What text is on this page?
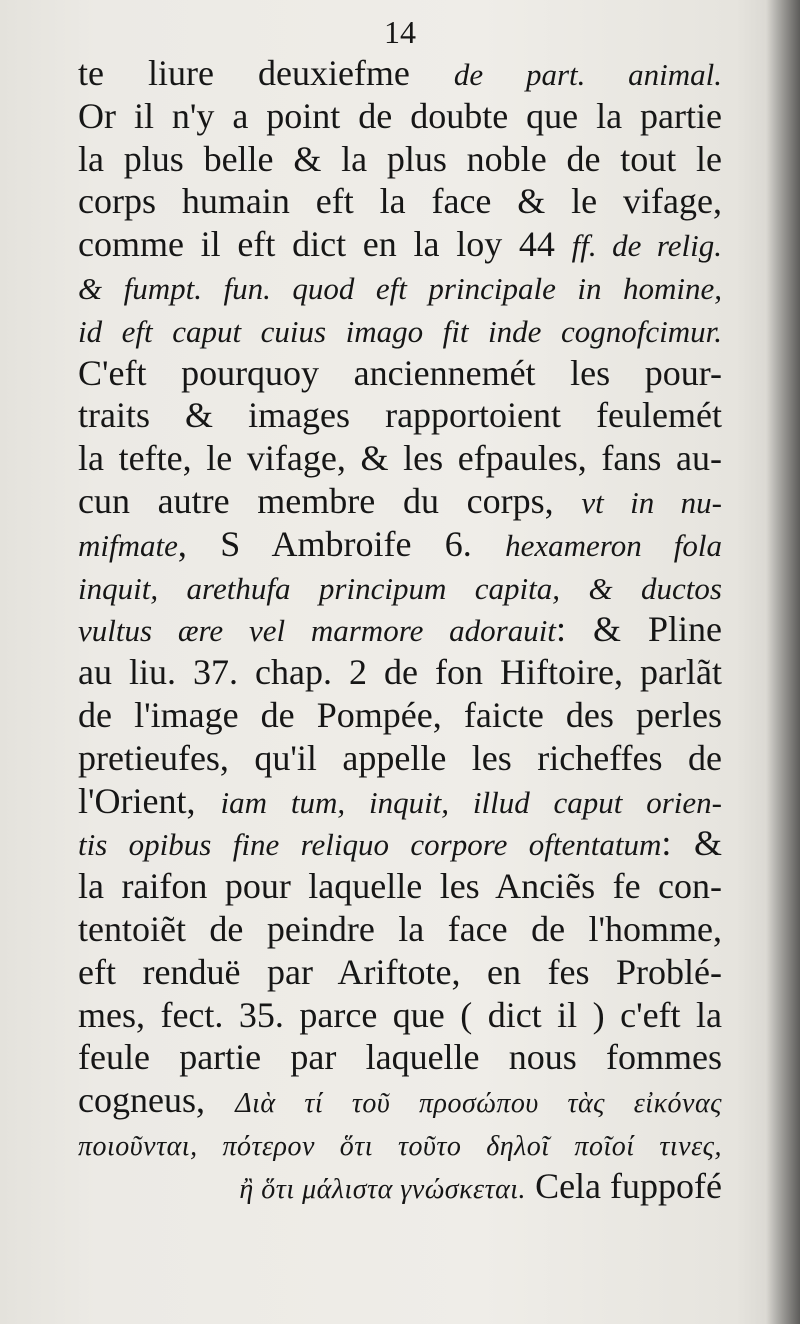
14
te liure deuxiefme de part. animal.
Or il n'y a point de doubte que la partie
la plus belle & la plus noble de tout le
corps humain eft la face & le vifage,
comme il eft dict en la loy 44 ff. de relig.
& fumpt. fun. quod eft principale in homine,
id eft caput cuius imago fit inde cognofcimur.
C'eft pourquoy anciennemét les pour-
traits & images rapportoient feulemét
la tefte, le vifage, & les efpaules, fans au-
cun autre membre du corps, vt in nu-
mifmate, S Ambroife 6. hexameron fola
inquit, arethufa principum capita, & ductos
vultus ære vel marmore adorauit: & Pline
au liu. 37. chap. 2 de fon Hiftoire, parlãt
de l'image de Pompée, faicte des perles
pretieufes, qu'il appelle les richeffes de
l'Orient, iam tum, inquit, illud caput orien-
tis opibus fine reliquo corpore oftentatum: &
la raifon pour laquelle les Anciẽs fe con-
tentoiẽt de peindre la face de l'homme,
eft renduë par Ariftote, en fes Problé-
mes, fect. 35. parce que ( dict il ) c'eft la
feule partie par laquelle nous fommes
cogneus, Διὰ τί τοῦ προσώπου τὰς εἰκόνας
ποιοῦνται, πότερον ὅτι τοῦτο δηλοῖ ποῖοί τινες,
ἢ ὅτι μάλιστα γνώσκεται. Cela fuppofé
